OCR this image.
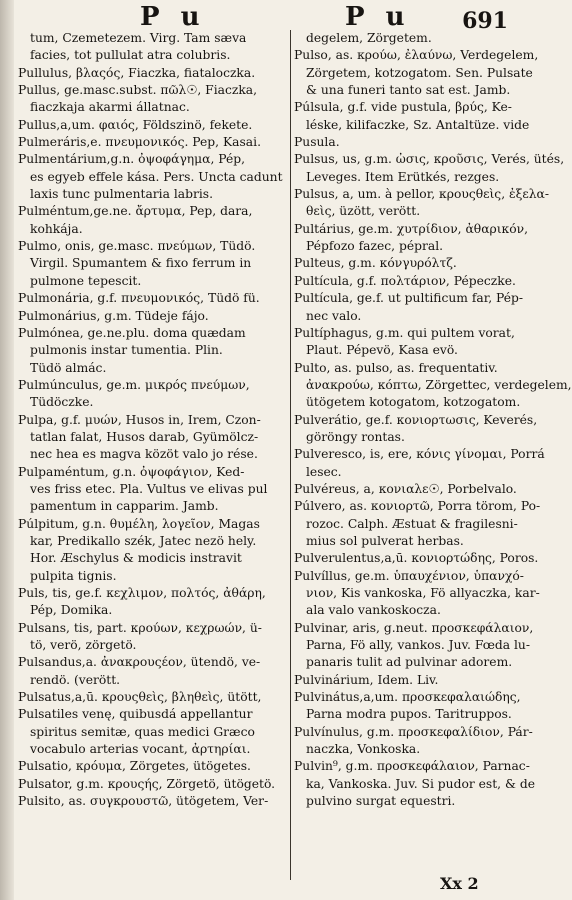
P u	P u 691
tum, Czemetezem. Virg. Tam sæva
facies, tot pullulat atra colubris.
Pullulus, βλαςός, Fiaczka, fiataloczka.
Pullus, ge.masc.subst. πῶλ☉, Fiaczka,
fiaczkaja akarmi állatnac.
Pullus,a,um. φαιός, Földszinö, fekete.
Pulmeráris,e. πνευμονικός. Pep, Kasai.
Pulmentárium,g.n. ὀψοφάγημα, Pép,
es egyeb effele kása. Pers. Uncta cadunt
laxis tunc pulmentaria labris.
Pulméntum,ge.ne. ἄρτυμα, Pep, dara,
kohkája.
Pulmo, onis, ge.masc. πνεύμων, Tüdö.
Virgil. Spumantem & fixo ferrum in
pulmone tepescit.
Pulmonária, g.f. πνευμονικός, Tüdö fü.
Pulmonárius, g.m. Tüdeje fájo.
Pulmónea, ge.ne.plu. doma quædam
pulmonis instar tumentia. Plin.
Tüdö almác.
Pulmúnculus, ge.m. μικρός πνεύμων,
Tüdöczke.
Pulpa, g.f. μυών, Husos in, Irem, Czon-
tatlan falat, Husos darab, Gyümölcz-
nec hea es magva közöt valo jo rése.
Pulpaméntum, g.n. ὀψοφάγιον, Ked-
ves friss etec. Pla. Vultus ve elivas pul
pamentum in capparim. Jamb.
Púlpitum, g.n. θυμέλη, λογεῖον, Magas
kar, Predikallo szék, Jatec nezö hely.
Hor. Æschylus & modicis instravit
pulpita tignis.
Puls, tis, ge.f. κεχλιμον, πολτός, ἀθάρη,
Pép, Domika.
Pulsans, tis, part. κρούων, κεχρωών, ü-
tö, verö, zörgetö.
Pulsandus,a. ἀνακρουςέον, ütendö, ve-
rendö. (verött.
Pulsatus,a,ū. κρουςθεὶς, βληθεὶς, ütött,
Pulsatiles venę, quibusdá appellantur
spiritus semitæ, quas medici Græco
vocabulo arterias vocant, ἀρτηρίαι.
Pulsatio, κρόυμα, Zörgetes, ütögetes.
Pulsator, g.m. κρουςής, Zörgetö, ütögetö.
Pulsito, as. συγκρουστῶ, ütögetem, Ver-
degelem, Zörgetem.
Pulso, as. κρούω, ἐλαύνω, Verdegelem,
Zörgetem, kotzogatom. Sen. Pulsate
& una funeri tanto sat est. Jamb.
Púlsula, g.f. vide pustula, βρύς, Ke-
léske, kilifaczke, Sz. Antaltüze. vide
Pusula.
Pulsus, us, g.m. ὠσις, κροῦσις, Verés, ütés,
Leveges. Item Erütkés, rezges.
Pulsus, a, um. à pellor, κρουςθεὶς, ἐξελα-
θεὶς, üzött, verött.
Pultárius, ge.m. χυτρίδιον, ἀθαρικόν,
Pépfozo fazec, pépral.
Pulteus, g.m. κόνγυρόλτζ.
Pultícula, g.f. πολτάριον, Pépeczke.
Pultícula, ge.f. ut pultificum far, Pép-
nec valo.
Pultíphagus, g.m. qui pultem vorat,
Plaut. Pépevö, Kasa evö.
Pulto, as. pulso, as. frequentativ.
ἀνακρούω, κόπτω, Zörgettec, verdegelem,
ütögetem kotogatom, kotzogatom.
Pulverátio, ge.f. κονιορτωσις, Keverés,
göröngy rontas.
Pulveresco, is, ere, κόνις γίνομαι, Porrá
lesec.
Pulvéreus, a, κονιαλε☉, Porbelvalo.
Púlvero, as. κονιορτῶ, Porra törom, Po-
rozoc. Calph. Æstuat & fragilesni-
mius sol pulverat herbas.
Pulverulentus,a,ū. κονιορτώδης, Poros.
Pulvíllus, ge.m. ὑπαυχένιον, ὑπανχό-
νιον, Kis vankoska, Fö allyaczka, kar-
ala valo vankoskocza.
Pulvinar, aris, g.neut. προσκεφάλαιον,
Parna, Fö ally, vankos. Juv. Fœda lu-
panaris tulit ad pulvinar adorem.
Pulvinárium, Idem. Liv.
Pulvinátus,a,um. προσκεφαλαιώδης,
Parna modra pupos. Taritruppos.
Pulvínulus, g.m. προσκεφαλίδιον, Pár-
naczka, Vonkoska.
Pulvin⁹, g.m. προσκεφάλαιον, Parnac-
ka, Vankoska. Juv. Si pudor est, & de
pulvino surgat equestri.
Xx 2
